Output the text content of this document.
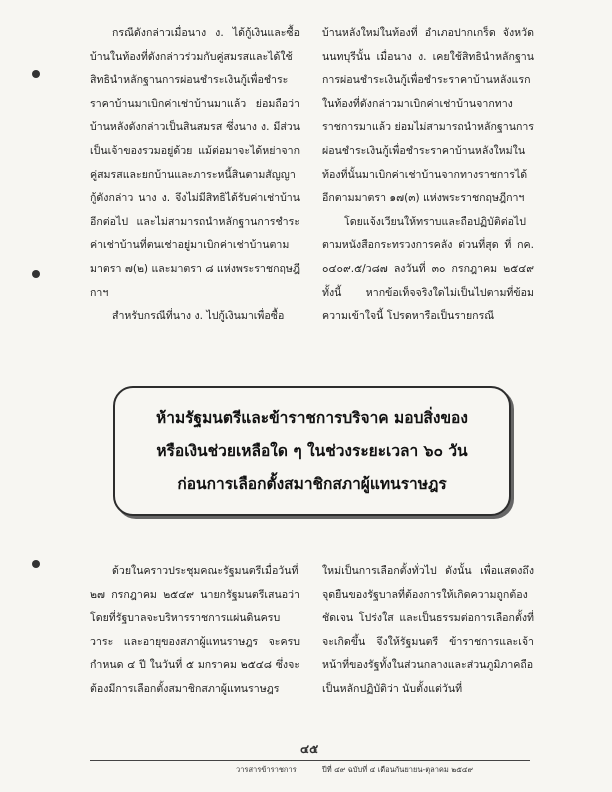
กรณีดังกล่าวเมื่อนาง ง. ได้กู้เงินและซื้อบ้านในท้องที่ดังกล่าวร่วมกับคู่สมรสและได้ใช้สิทธินำหลักฐานการผ่อนชำระเงินกู้เพื่อชำระราคาบ้านมาเบิกค่าเช่าบ้านมาแล้ว ย่อมถือว่าบ้านหลังดังกล่าวเป็นสินสมรส ซึ่งนาง ง. มีส่วนเป็นเจ้าของรวมอยู่ด้วย แม้ต่อมาจะได้หย่าจากคู่สมรสและยกบ้านและภาระหนี้สินตามสัญญากู้ดังกล่าว นาง ง. จึงไม่มีสิทธิได้รับค่าเช่าบ้านอีกต่อไป และไม่สามารถนำหลักฐานการชำระค่าเช่าบ้านที่ตนเช่าอยู่มาเบิกค่าเช่าบ้านตามมาตรา ๗(๒) และมาตรา ๘ แห่งพระราชกฤษฎีกาฯ

สำหรับกรณีที่นาง ง. ไปกู้เงินมาเพื่อซื้อ

บ้านหลังใหม่ในท้องที่ อำเภอปากเกร็ด จังหวัดนนทบุรีนั้น เมื่อนาง ง. เคยใช้สิทธินำหลักฐานการผ่อนชำระเงินกู้เพื่อชำระราคาบ้านหลังแรกในท้องที่ดังกล่าวมาเบิกค่าเช่าบ้านจากทางราชการมาแล้ว ย่อมไม่สามารถนำหลักฐานการผ่อนชำระเงินกู้เพื่อชำระราคาบ้านหลังใหม่ในท้องที่นั้นมาเบิกค่าเช่าบ้านจากทางราชการได้อีกตามมาตรา ๑๗(๓) แห่งพระราชกฤษฎีกาฯ

โดยแจ้งเวียนให้ทราบและถือปฏิบัติต่อไป ตามหนังสือกระทรวงการคลัง ด่วนที่สุด ที่ กค. ๐๔๐๙.๕/ว๘๗ ลงวันที่ ๓๐ กรกฎาคม ๒๕๔๙ ทั้งนี้ หากข้อเท็จจริงใดไม่เป็นไปตามที่ข้อมความเข้าใจนี้ โปรดหารือเป็นรายกรณี

ห้ามรัฐมนตรีและข้าราชการบริจาค มอบสิ่งของ
หรือเงินช่วยเหลือใด ๆ ในช่วงระยะเวลา ๖๐ วัน
ก่อนการเลือกตั้งสมาชิกสภาผู้แทนราษฎร

ด้วยในคราวประชุมคณะรัฐมนตรีเมื่อวันที่ ๒๗ กรกฎาคม ๒๕๔๙ นายกรัฐมนตรีเสนอว่า โดยที่รัฐบาลจะบริหารราชการแผ่นดินครบวาระ และอายุของสภาผู้แทนราษฎร จะครบกำหนด ๔ ปี ในวันที่ ๕ มกราคม ๒๕๔๘ ซึ่งจะต้องมีการเลือกตั้งสมาชิกสภาผู้แทนราษฎร

ใหม่เป็นการเลือกตั้งทั่วไป ดังนั้น เพื่อแสดงถึงจุดยืนของรัฐบาลที่ต้องการให้เกิดความถูกต้อง ชัดเจน โปร่งใส และเป็นธรรมต่อการเลือกตั้งที่จะเกิดขึ้น จึงให้รัฐมนตรี ข้าราชการและเจ้าหน้าที่ของรัฐทั้งในส่วนกลางและส่วนภูมิภาคถือเป็นหลักปฏิบัติว่า นับตั้งแต่วันที่

๔๕
วารสารข้าราชการ	ปีที่ ๔๙ ฉบับที่ ๔ เดือนกันยายน-ตุลาคม ๒๕๔๙
